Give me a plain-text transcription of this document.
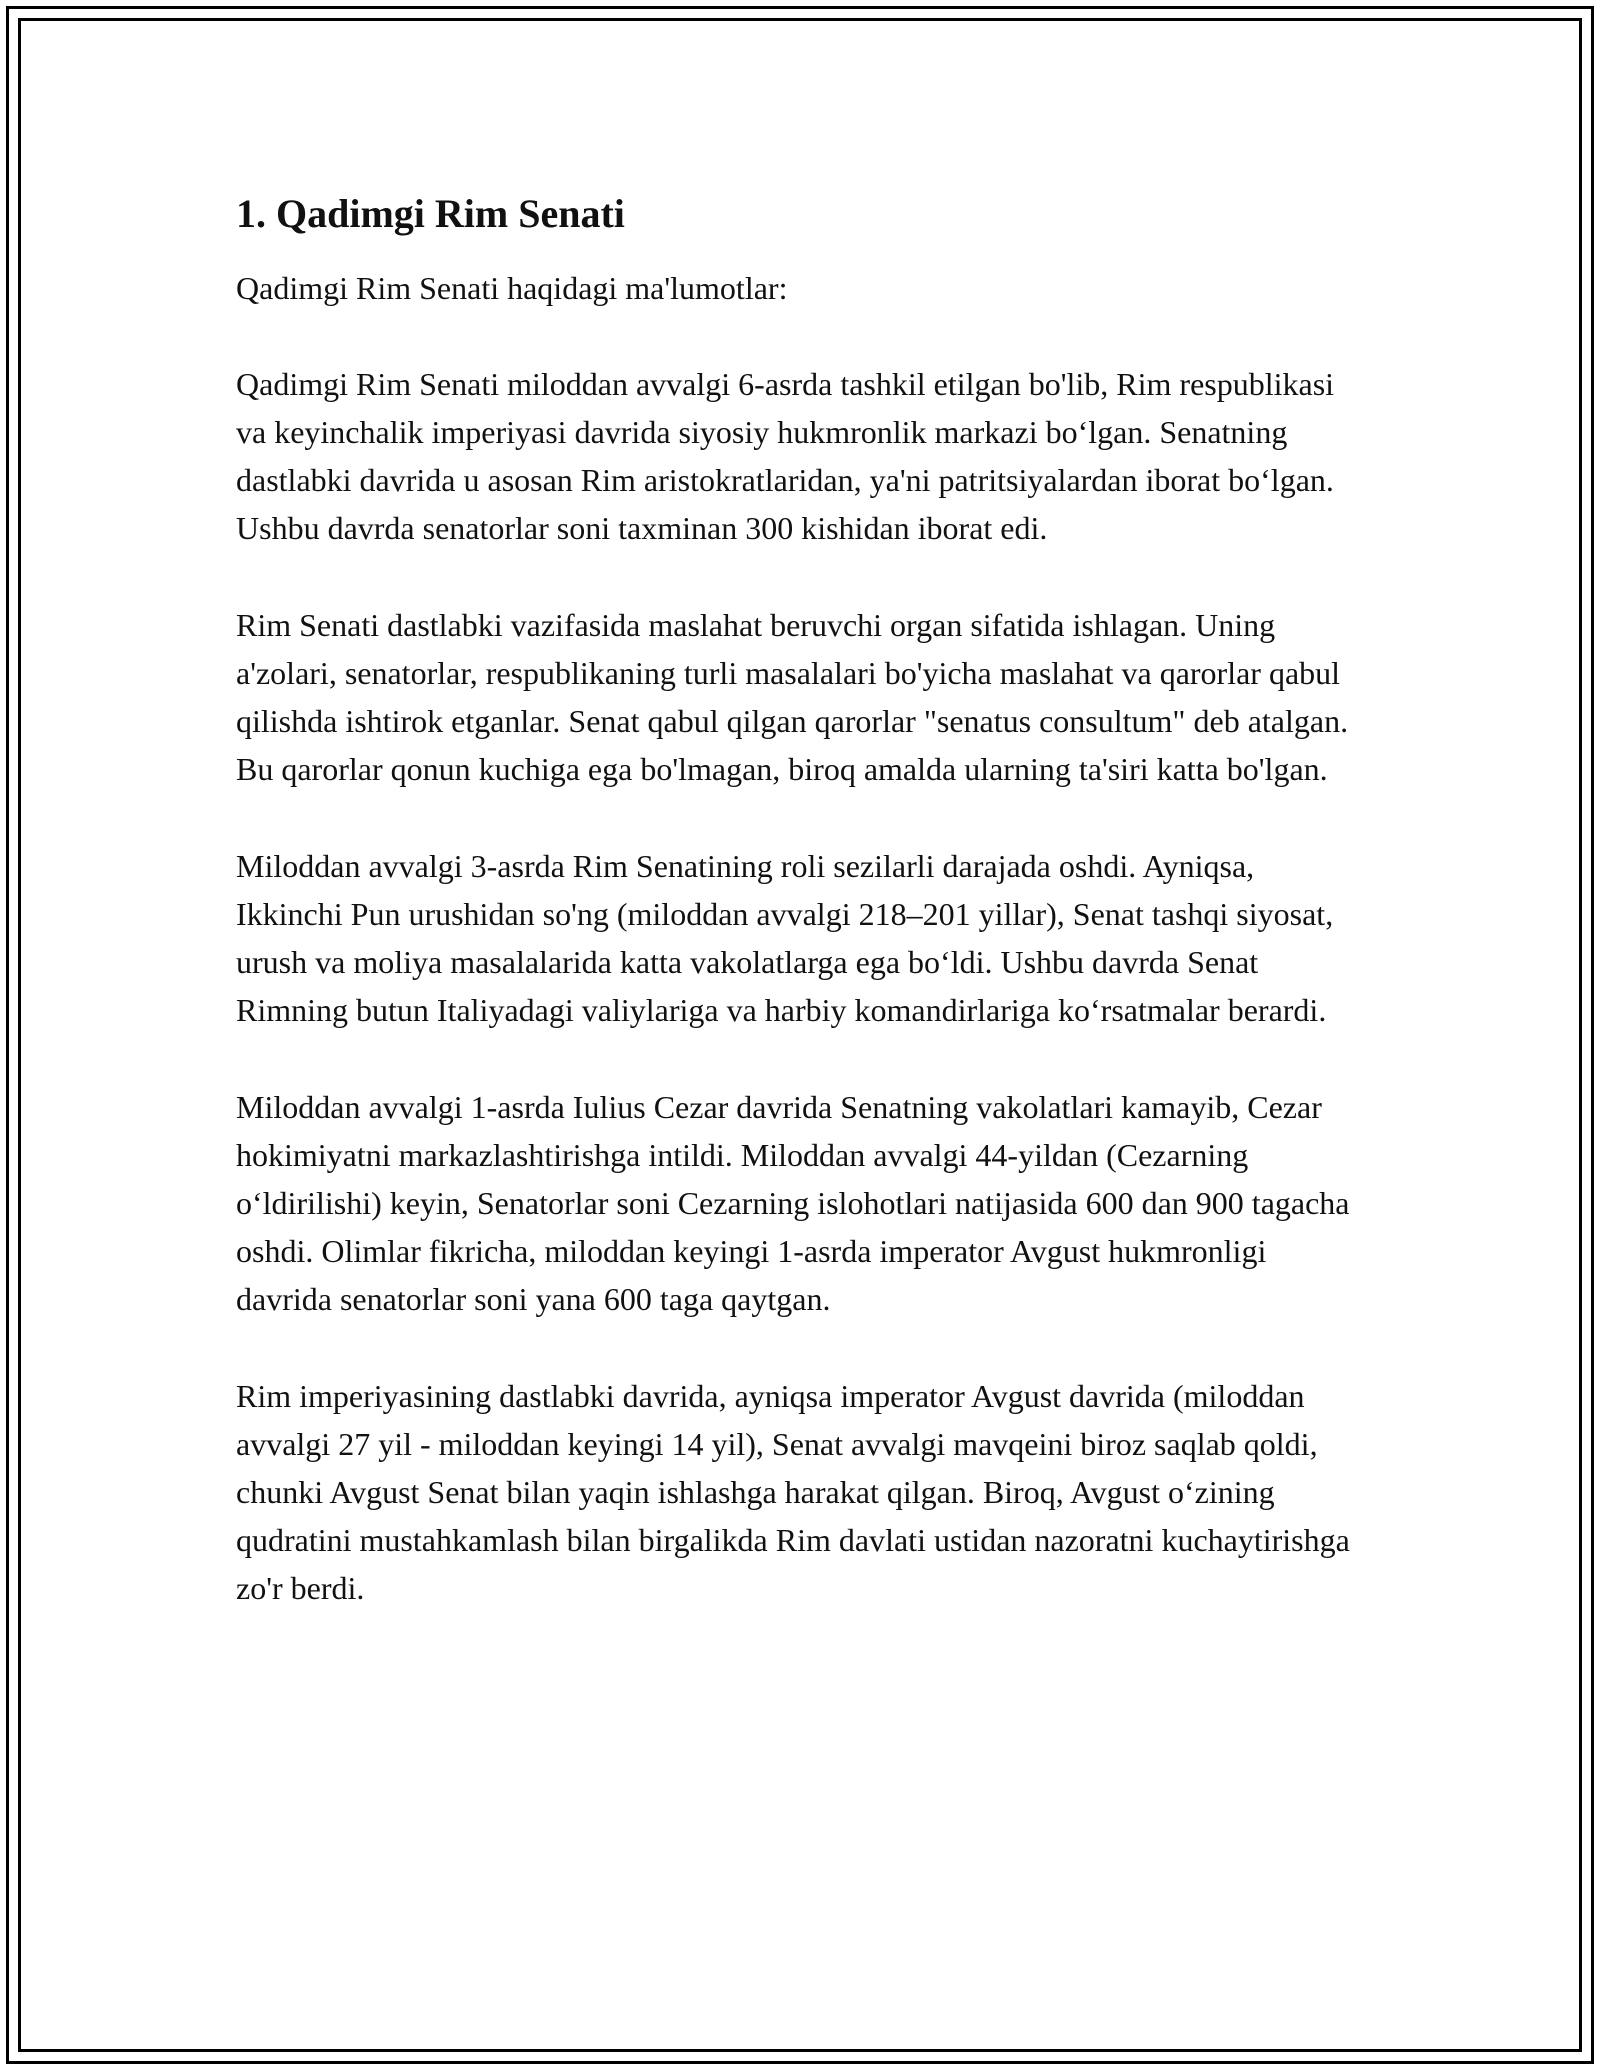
1. Qadimgi Rim Senati

Qadimgi Rim Senati haqidagi ma'lumotlar:

Qadimgi Rim Senati miloddan avvalgi 6-asrda tashkil etilgan bo'lib, Rim respublikasi va keyinchalik imperiyasi davrida siyosiy hukmronlik markazi bo‘lgan. Senatning dastlabki davrida u asosan Rim aristokratlaridan, ya'ni patritsiyalardan iborat bo‘lgan. Ushbu davrda senatorlar soni taxminan 300 kishidan iborat edi.

Rim Senati dastlabki vazifasida maslahat beruvchi organ sifatida ishlagan. Uning a'zolari, senatorlar, respublikaning turli masalalari bo'yicha maslahat va qarorlar qabul qilishda ishtirok etganlar. Senat qabul qilgan qarorlar "senatus consultum" deb atalgan. Bu qarorlar qonun kuchiga ega bo'lmagan, biroq amalda ularning ta'siri katta bo'lgan.

Miloddan avvalgi 3-asrda Rim Senatining roli sezilarli darajada oshdi. Ayniqsa, Ikkinchi Pun urushidan so'ng (miloddan avvalgi 218–201 yillar), Senat tashqi siyosat, urush va moliya masalalarida katta vakolatlarga ega bo‘ldi. Ushbu davrda Senat Rimning butun Italiyadagi valiylariga va harbiy komandirlariga ko‘rsatmalar berardi.

Miloddan avvalgi 1-asrda Iulius Cezar davrida Senatning vakolatlari kamayib, Cezar hokimiyatni markazlashtirishga intildi. Miloddan avvalgi 44-yildan (Cezarning o‘ldirilishi) keyin, Senatorlar soni Cezarning islohotlari natijasida 600 dan 900 tagacha oshdi. Olimlar fikricha, miloddan keyingi 1-asrda imperator Avgust hukmronligi davrida senatorlar soni yana 600 taga qaytgan.

Rim imperiyasining dastlabki davrida, ayniqsa imperator Avgust davrida (miloddan avvalgi 27 yil - miloddan keyingi 14 yil), Senat avvalgi mavqeini biroz saqlab qoldi, chunki Avgust Senat bilan yaqin ishlashga harakat qilgan. Biroq, Avgust o‘zining qudratini mustahkamlash bilan birgalikda Rim davlati ustidan nazoratni kuchaytirishga zo'r berdi.
